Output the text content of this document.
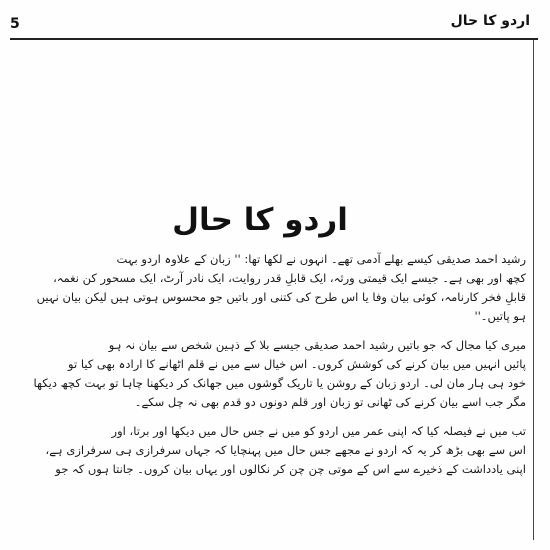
5	اردو کا حال
اردو کا حال
رشید احمد صدیقی کیسے بھلے آدمی تھے۔ انہوں نے لکھا تھا: '' زبان کے علاوہ اردو بہت
کچھ اور بھی ہے۔ جیسے ایک قیمتی ورثہ، ایک قابلِ قدر روایت، ایک نادر آرٹ، ایک مسحور کن نغمہ،
قابلِ فخر کارنامہ، کوئی بیان وفا یا اس طرح کی کتنی اور باتیں جو محسوس ہوتی ہیں لیکن بیان نہیں
ہو پاتیں۔''
میری کیا مجال کہ جو باتیں رشید احمد صدیقی جیسے بلا کے ذہین شخص سے بیان نہ ہو
پائیں انہیں میں بیان کرنے کی کوشش کروں۔ اس خیال سے میں نے قلم اٹھانے کا ارادہ بھی کیا تو
خود ہی ہار مان لی۔ اردو زبان کے روشن یا تاریک گوشوں میں جھانک کر دیکھنا چاہا تو بہت کچھ دیکھا
مگر جب اسے بیان کرنے کی ٹھانی تو زبان اور قلم دونوں دو قدم بھی نہ چل سکے۔
تب میں نے فیصلہ کیا کہ اپنی عمر میں اردو کو میں نے جس حال میں دیکھا اور برتا، اور
اس سے بھی بڑھ کر یہ کہ اردو نے مجھے جس حال میں پہنچایا کہ جہاں سرفرازی ہی سرفرازی ہے،
اپنی یادداشت کے ذخیرے سے اس کے موتی چن چن کر نکالوں اور یہاں بیان کروں۔ جانتا ہوں کہ جو
